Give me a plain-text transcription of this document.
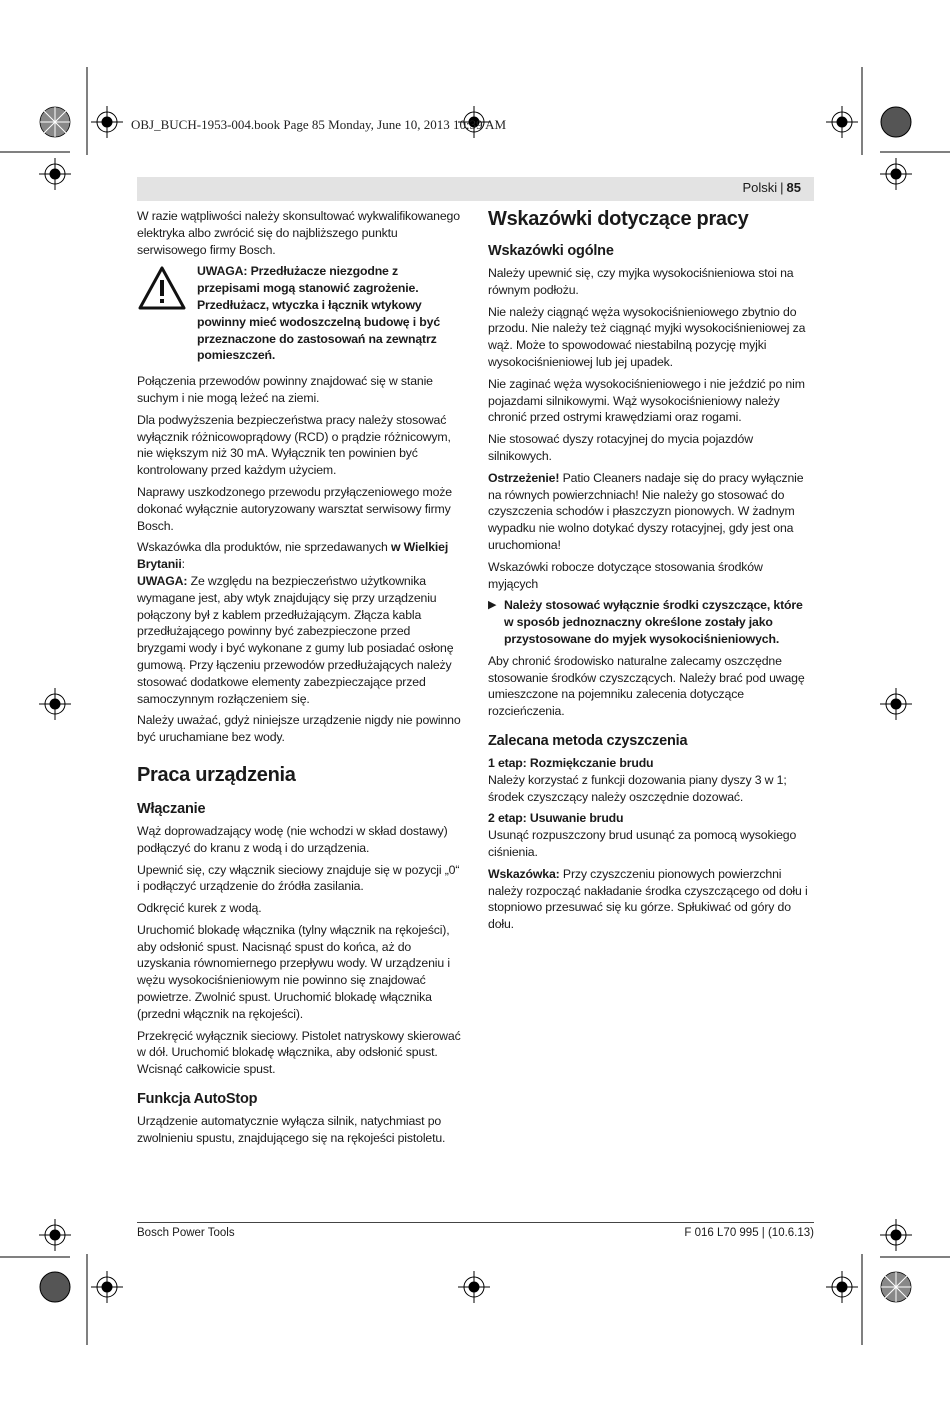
OBJ_BUCH-1953-004.book Page 85 Monday, June 10, 2013 10:39 AM
Polski | 85

W razie wątpliwości należy skonsultować wykwalifikowanego elektryka albo zwrócić się do najbliższego punktu serwisowego firmy Bosch.

UWAGA: Przedłużacze niezgodne z przepisami mogą stanowić zagrożenie. Przedłużacz, wtyczka i łącznik wtykowy powinny mieć wodoszczelną budowę i być przeznaczone do zastosowań na zewnątrz pomieszczeń.

Połączenia przewodów powinny znajdować się w stanie suchym i nie mogą leżeć na ziemi.

Dla podwyższenia bezpieczeństwa pracy należy stosować wyłącznik różnicowoprądowy (RCD) o prądzie różnicowym, nie większym niż 30 mA. Wyłącznik ten powinien być kontrolowany przed każdym użyciem.

Naprawy uszkodzonego przewodu przyłączeniowego może dokonać wyłącznie autoryzowany warsztat serwisowy firmy Bosch.

Wskazówka dla produktów, nie sprzedawanych w Wielkiej Brytanii:
UWAGA: Ze względu na bezpieczeństwo użytkownika wymagane jest, aby wtyk znajdujący się przy urządzeniu połączony był z kablem przedłużającym. Złącza kabla przedłużającego powinny być zabezpieczone przed bryzgami wody i być wykonane z gumy lub posiadać osłonę gumową. Przy łączeniu przewodów przedłużających należy stosować dodatkowe elementy zabezpieczające przed samoczynnym rozłączeniem się.

Należy uważać, gdyż niniejsze urządzenie nigdy nie powinno być uruchamiane bez wody.

Praca urządzenia
Włączanie

Wąż doprowadzający wodę (nie wchodzi w skład dostawy) podłączyć do kranu z wodą i do urządzenia.

Upewnić się, czy włącznik sieciowy znajduje się w pozycji „0“ i podłączyć urządzenie do źródła zasilania.

Odkręcić kurek z wodą.

Uruchomić blokadę włącznika (tylny włącznik na rękojeści), aby odsłonić spust. Nacisnąć spust do końca, aż do uzyskania równomiernego przepływu wody. W urządzeniu i wężu wysokociśnieniowym nie powinno się znajdować powietrze. Zwolnić spust. Uruchomić blokadę włącznika (przedni włącznik na rękojeści).

Przekręcić wyłącznik sieciowy. Pistolet natryskowy skierować w dół. Uruchomić blokadę włącznika, aby odsłonić spust. Wcisnąć całkowicie spust.

Funkcja AutoStop

Urządzenie automatycznie wyłącza silnik, natychmiast po zwolnieniu spustu, znajdującego się na rękojeści pistoletu.

Wskazówki dotyczące pracy
Wskazówki ogólne

Należy upewnić się, czy myjka wysokociśnieniowa stoi na równym podłożu.

Nie należy ciągnąć węża wysokociśnieniowego zbytnio do przodu. Nie należy też ciągnąć myjki wysokociśnieniowej za wąż. Może to spowodować niestabilną pozycję myjki wysokociśnieniowej lub jej upadek.

Nie zaginać węża wysokociśnieniowego i nie jeździć po nim pojazdami silnikowymi. Wąż wysokociśnieniowy należy chronić przed ostrymi krawędziami oraz rogami.

Nie stosować dyszy rotacyjnej do mycia pojazdów silnikowych.

Ostrzeżenie! Patio Cleaners nadaje się do pracy wyłącznie na równych powierzchniach! Nie należy go stosować do czyszczenia schodów i płaszczyzn pionowych. W żadnym wypadku nie wolno dotykać dyszy rotacyjnej, gdy jest ona uruchomiona!

Wskazówki robocze dotyczące stosowania środków myjących

▶ Należy stosować wyłącznie środki czyszczące, które w sposób jednoznaczny określone zostały jako przystosowane do myjek wysokociśnieniowych.

Aby chronić środowisko naturalne zalecamy oszczędne stosowanie środków czyszczących. Należy brać pod uwagę umieszczone na pojemniku zalecenia dotyczące rozcieńczenia.

Zalecana metoda czyszczenia

1 etap: Rozmiękczanie brudu

Należy korzystać z funkcji dozowania piany dyszy 3 w 1; środek czyszczący należy oszczędnie dozować.

2 etap: Usuwanie brudu

Usunąć rozpuszczony brud usunąć za pomocą wysokiego ciśnienia.

Wskazówka: Przy czyszczeniu pionowych powierzchni należy rozpocząć nakładanie środka czyszczącego od dołu i stopniowo przesuwać się ku górze. Spłukiwać od góry do dołu.

Bosch Power Tools	F 016 L70 995 | (10.6.13)
